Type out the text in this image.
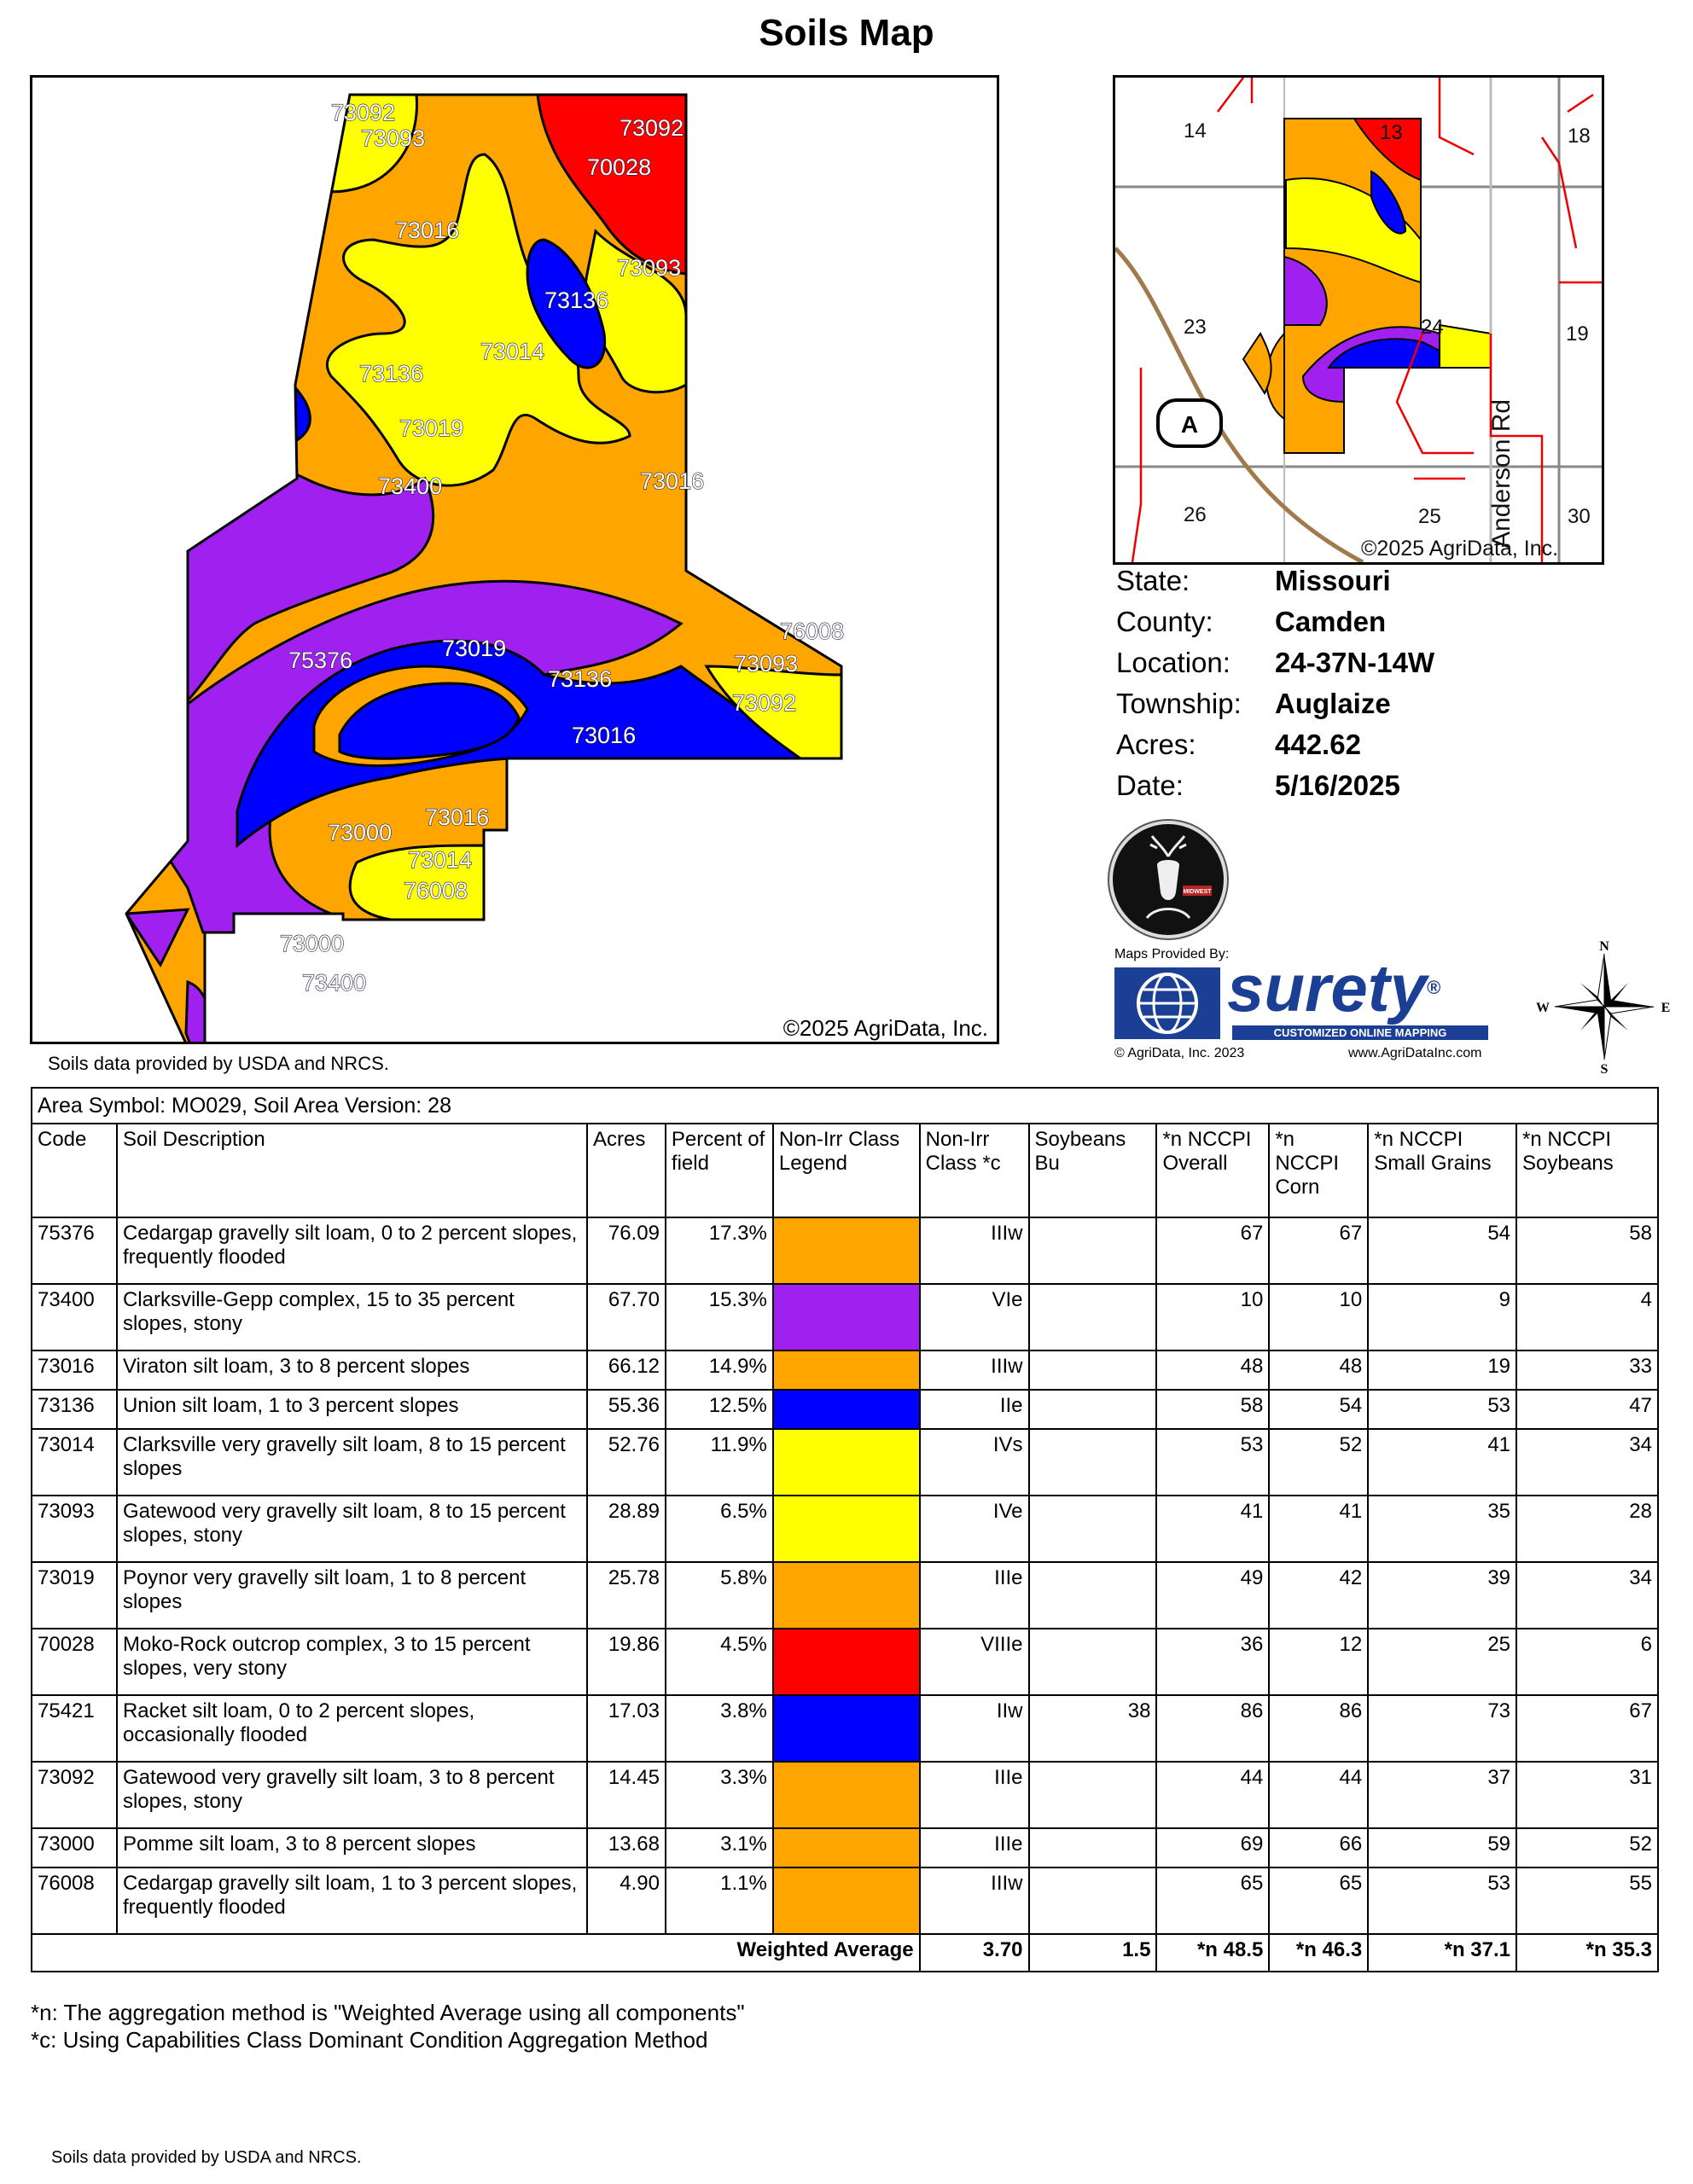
Soils Map
73092
73093	73092
70028
73016
73093
73136
73014
73136
73019
73400	73016
76008
75376	73019
73136
73093
73092
73016
73000
73016
73014
76008
73000
73400
©2025 AgriData, Inc.
Soils data provided by USDA and NRCS.
14	13	18
23	24	19
26	25	30
A	Anderson Rd
©2025 AgriData, Inc.
State:	Missouri
County:	Camden
Location:	24-37N-14W
Township:	Auglaize
Acres:	442.62
Date:	5/16/2025
MIDWEST
Maps Provided By:
surety®
CUSTOMIZED ONLINE MAPPING
© AgriData, Inc. 2023	www.AgriDataInc.com
N
S
W	E
Area Symbol: MO029, Soil Area Version: 28										
Code	Soil Description	Acres	Percent of field	Non-Irr Class Legend	Non-Irr Class *c	Soybeans Bu	*n NCCPI Overall	*n NCCPI Corn	*n NCCPI Small Grains	*n NCCPI Soybeans
75376	Cedargap gravelly silt loam, 0 to 2 percent slopes, frequently flooded	76.09	17.3%		IIIw		67	67	54	58
73400	Clarksville-Gepp complex, 15 to 35 percent slopes, stony	67.70	15.3%		VIe		10	10	9	4
73016	Viraton silt loam, 3 to 8 percent slopes	66.12	14.9%		IIIw		48	48	19	33
73136	Union silt loam, 1 to 3 percent slopes	55.36	12.5%		IIe		58	54	53	47
73014	Clarksville very gravelly silt loam, 8 to 15 percent slopes	52.76	11.9%		IVs		53	52	41	34
73093	Gatewood very gravelly silt loam, 8 to 15 percent slopes, stony	28.89	6.5%		IVe		41	41	35	28
73019	Poynor very gravelly silt loam, 1 to 8 percent slopes	25.78	5.8%		IIIe		49	42	39	34
70028	Moko-Rock outcrop complex, 3 to 15 percent slopes, very stony	19.86	4.5%		VIIIe		36	12	25	6
75421	Racket silt loam, 0 to 2 percent slopes, occasionally flooded	17.03	3.8%		IIw	38	86	86	73	67
73092	Gatewood very gravelly silt loam, 3 to 8 percent slopes, stony	14.45	3.3%		IIIe		44	44	37	31
73000	Pomme silt loam, 3 to 8 percent slopes	13.68	3.1%		IIIe		69	66	59	52
76008	Cedargap gravelly silt loam, 1 to 3 percent slopes, frequently flooded	4.90	1.1%		IIIw		65	65	53	55
Weighted Average					3.70	1.5	*n 48.5	*n 46.3	*n 37.1	*n 35.3
*n: The aggregation method is "Weighted Average using all components"
*c: Using Capabilities Class Dominant Condition Aggregation Method
Soils data provided by USDA and NRCS.
